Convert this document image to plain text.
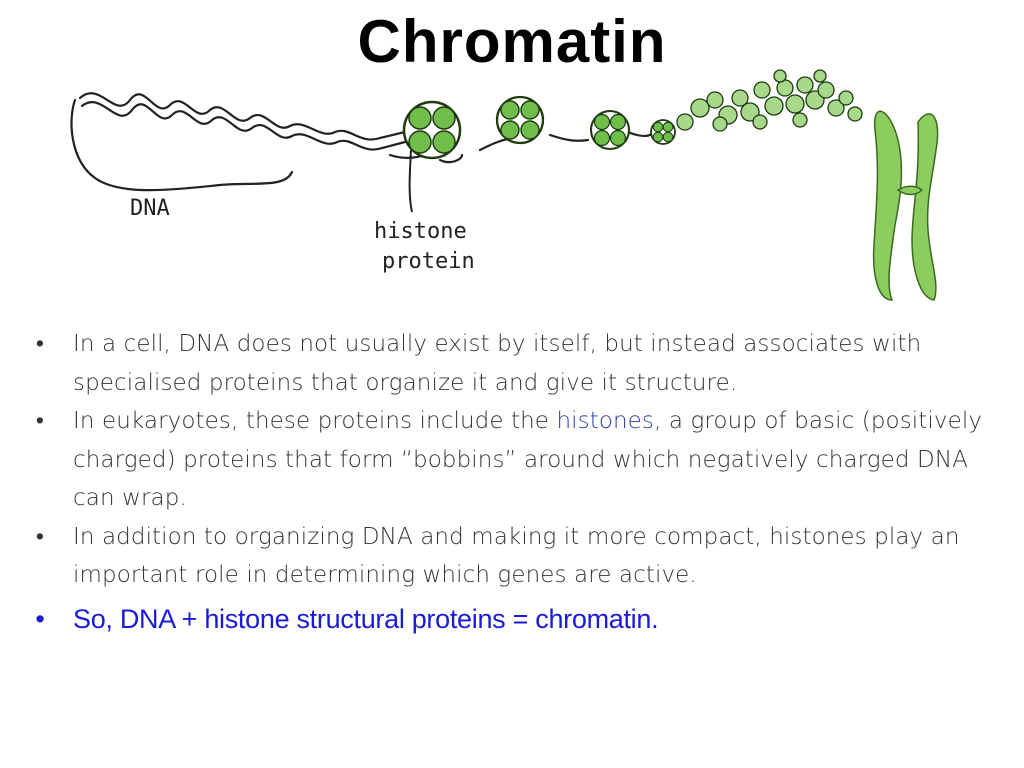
Chromatin
DNA
histone
protein
• In a cell, DNA does not usually exist by itself, but instead associates with specialised proteins that organize it and give it structure.
• In eukaryotes, these proteins include the histones, a group of basic (positively charged) proteins that form “bobbins” around which negatively charged DNA can wrap.
• In addition to organizing DNA and making it more compact, histones play an important role in determining which genes are active.
• So, DNA + histone structural proteins = chromatin.
